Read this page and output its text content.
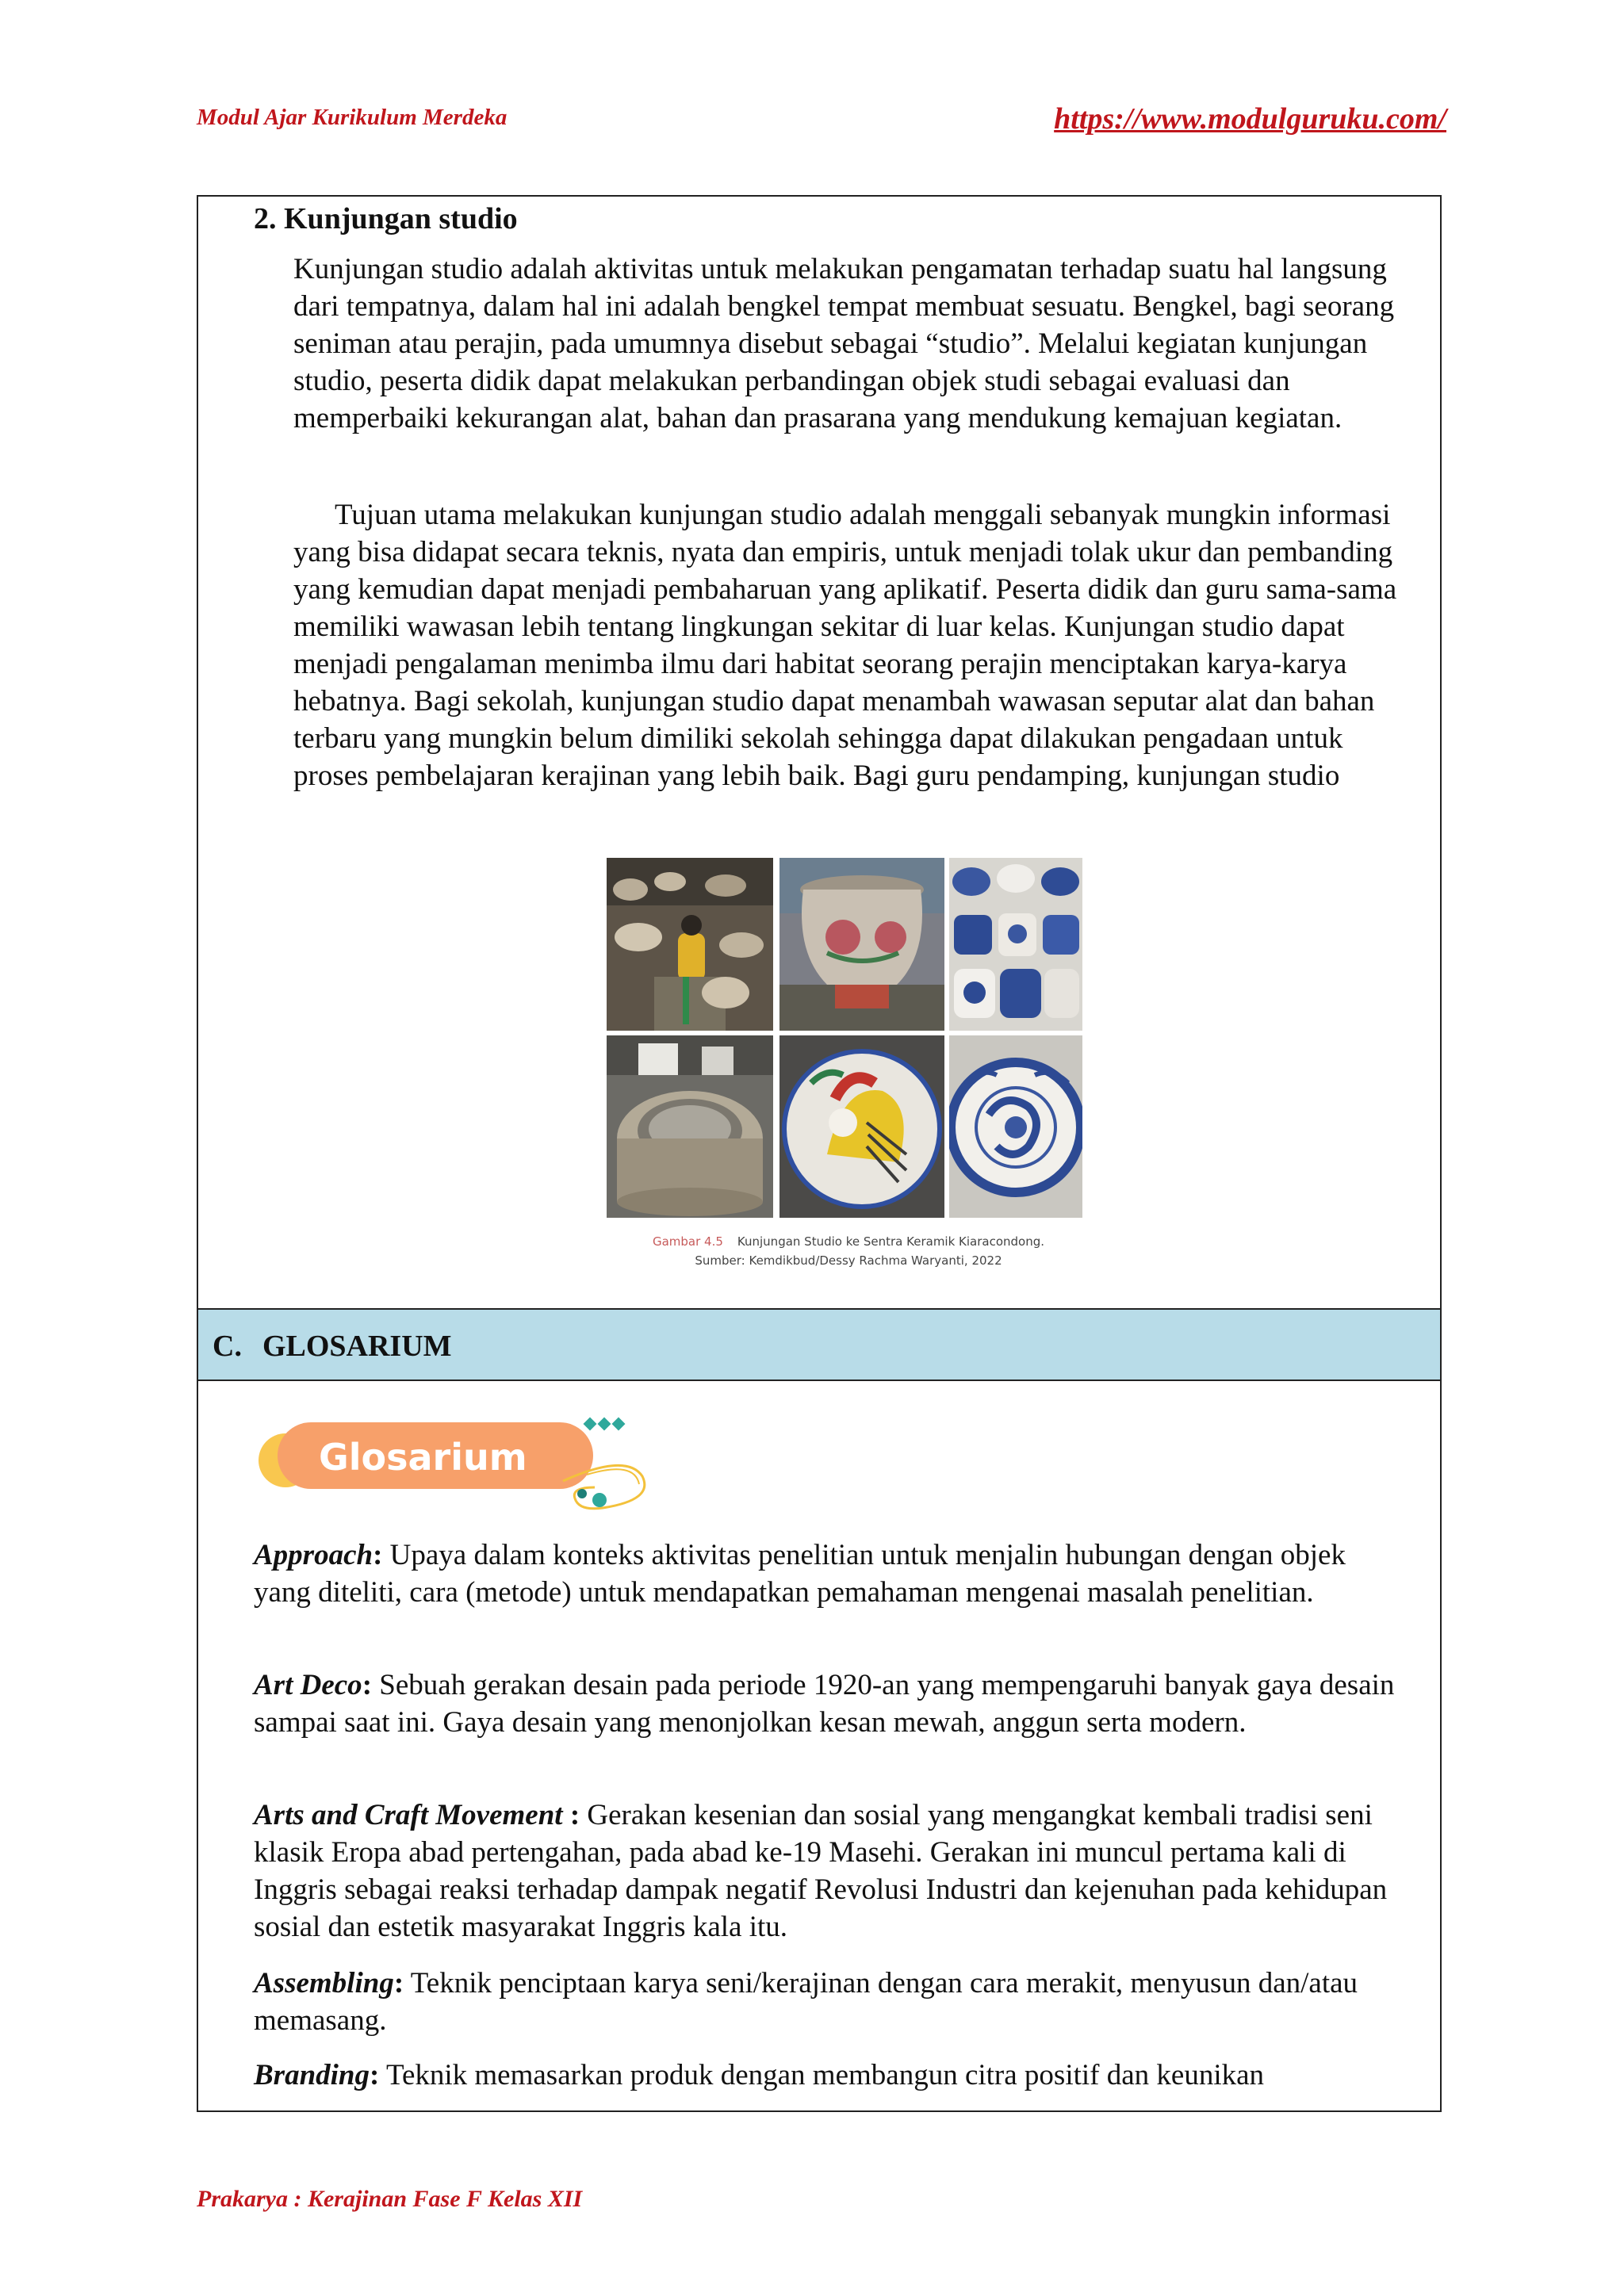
Modul Ajar Kurikulum Merdeka	https://www.modulguruku.com/
2. Kunjungan studio

Kunjungan studio adalah aktivitas untuk melakukan pengamatan terhadap suatu hal langsung dari tempatnya, dalam hal ini adalah bengkel tempat membuat sesuatu. Bengkel, bagi seorang seniman atau perajin, pada umumnya disebut sebagai “studio”. Melalui kegiatan kunjungan studio, peserta didik dapat melakukan perbandingan objek studi sebagai evaluasi dan memperbaiki kekurangan alat, bahan dan prasarana yang mendukung kemajuan kegiatan.

Tujuan utama melakukan kunjungan studio adalah menggali sebanyak mungkin informasi yang bisa didapat secara teknis, nyata dan empiris, untuk menjadi tolak ukur dan pembanding yang kemudian dapat menjadi pembaharuan yang aplikatif. Peserta didik dan guru sama-sama memiliki wawasan lebih tentang lingkungan sekitar di luar kelas. Kunjungan studio dapat menjadi pengalaman menimba ilmu dari habitat seorang perajin menciptakan karya-karya hebatnya. Bagi sekolah, kunjungan studio dapat menambah wawasan seputar alat dan bahan terbaru yang mungkin belum dimiliki sekolah sehingga dapat dilakukan pengadaan untuk proses pembelajaran kerajinan yang lebih baik. Bagi guru pendamping, kunjungan studio

Gambar 4.5 Kunjungan Studio ke Sentra Keramik Kiaracondong.
Sumber: Kemdikbud/Dessy Rachma Waryanti, 2022
C. GLOSARIUM
Glosarium

Approach: Upaya dalam konteks aktivitas penelitian untuk menjalin hubungan dengan objek yang diteliti, cara (metode) untuk mendapatkan pemahaman mengenai masalah penelitian.

Art Deco: Sebuah gerakan desain pada periode 1920-an yang mempengaruhi banyak gaya desain sampai saat ini. Gaya desain yang menonjolkan kesan mewah, anggun serta modern.

Arts and Craft Movement : Gerakan kesenian dan sosial yang mengangkat kembali tradisi seni klasik Eropa abad pertengahan, pada abad ke-19 Masehi. Gerakan ini muncul pertama kali di Inggris sebagai reaksi terhadap dampak negatif Revolusi Industri dan kejenuhan pada kehidupan sosial dan estetik masyarakat Inggris kala itu.

Assembling: Teknik penciptaan karya seni/kerajinan dengan cara merakit, menyusun dan/atau memasang.

Branding: Teknik memasarkan produk dengan membangun citra positif dan keunikan

Prakarya : Kerajinan Fase F Kelas XII
